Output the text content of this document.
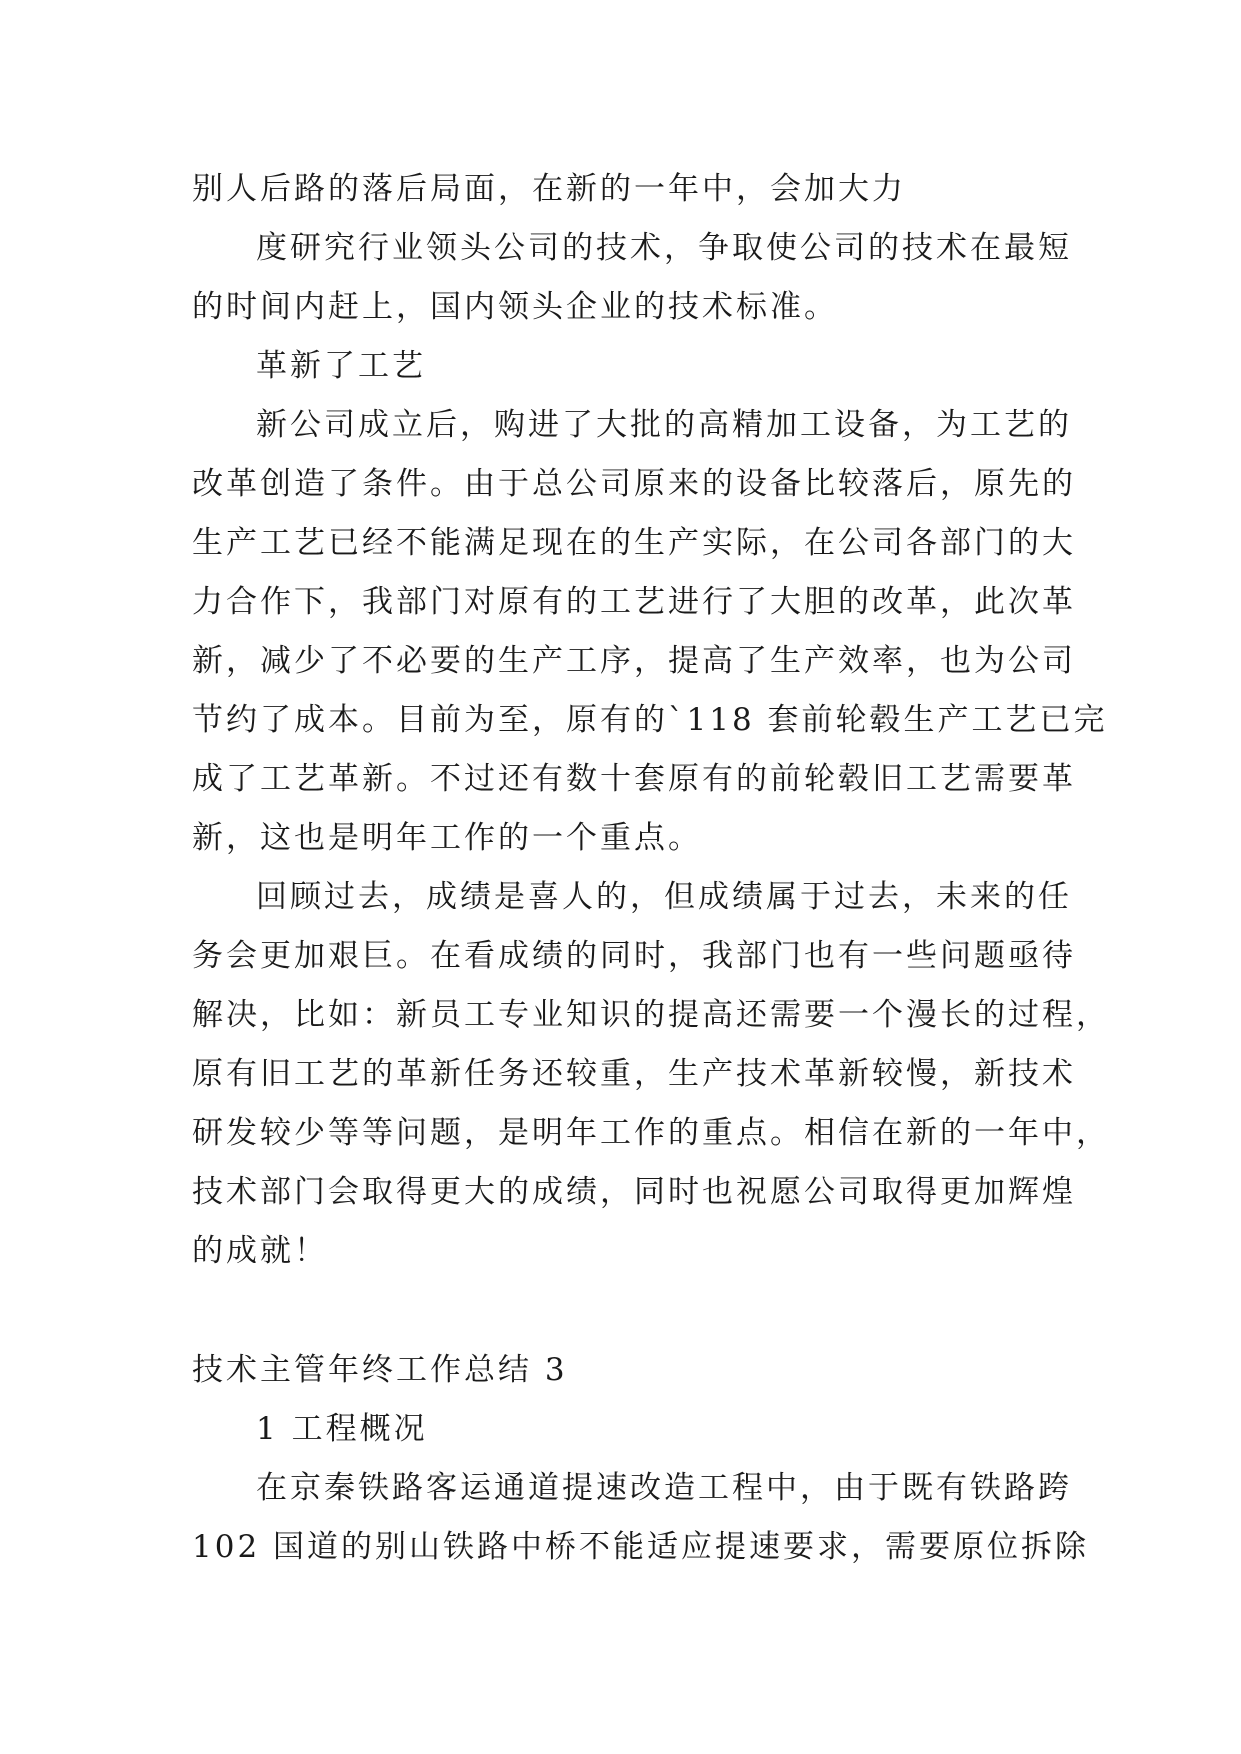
别人后路的落后局面，在新的一年中，会加大力
度研究行业领头公司的技术，争取使公司的技术在最短
的时间内赶上，国内领头企业的技术标准。
革新了工艺
新公司成立后，购进了大批的高精加工设备，为工艺的
改革创造了条件。由于总公司原来的设备比较落后，原先的
生产工艺已经不能满足现在的生产实际，在公司各部门的大
力合作下，我部门对原有的工艺进行了大胆的改革，此次革
新，减少了不必要的生产工序，提高了生产效率，也为公司
节约了成本。目前为至，原有的`118 套前轮毂生产工艺已完
成了工艺革新。不过还有数十套原有的前轮毂旧工艺需要革
新，这也是明年工作的一个重点。
回顾过去，成绩是喜人的，但成绩属于过去，未来的任
务会更加艰巨。在看成绩的同时，我部门也有一些问题亟待
解决，比如：新员工专业知识的提高还需要一个漫长的过程，
原有旧工艺的革新任务还较重，生产技术革新较慢，新技术
研发较少等等问题，是明年工作的重点。相信在新的一年中，
技术部门会取得更大的成绩，同时也祝愿公司取得更加辉煌
的成就！
技术主管年终工作总结 3
1 工程概况
在京秦铁路客运通道提速改造工程中，由于既有铁路跨
102 国道的别山铁路中桥不能适应提速要求，需要原位拆除
